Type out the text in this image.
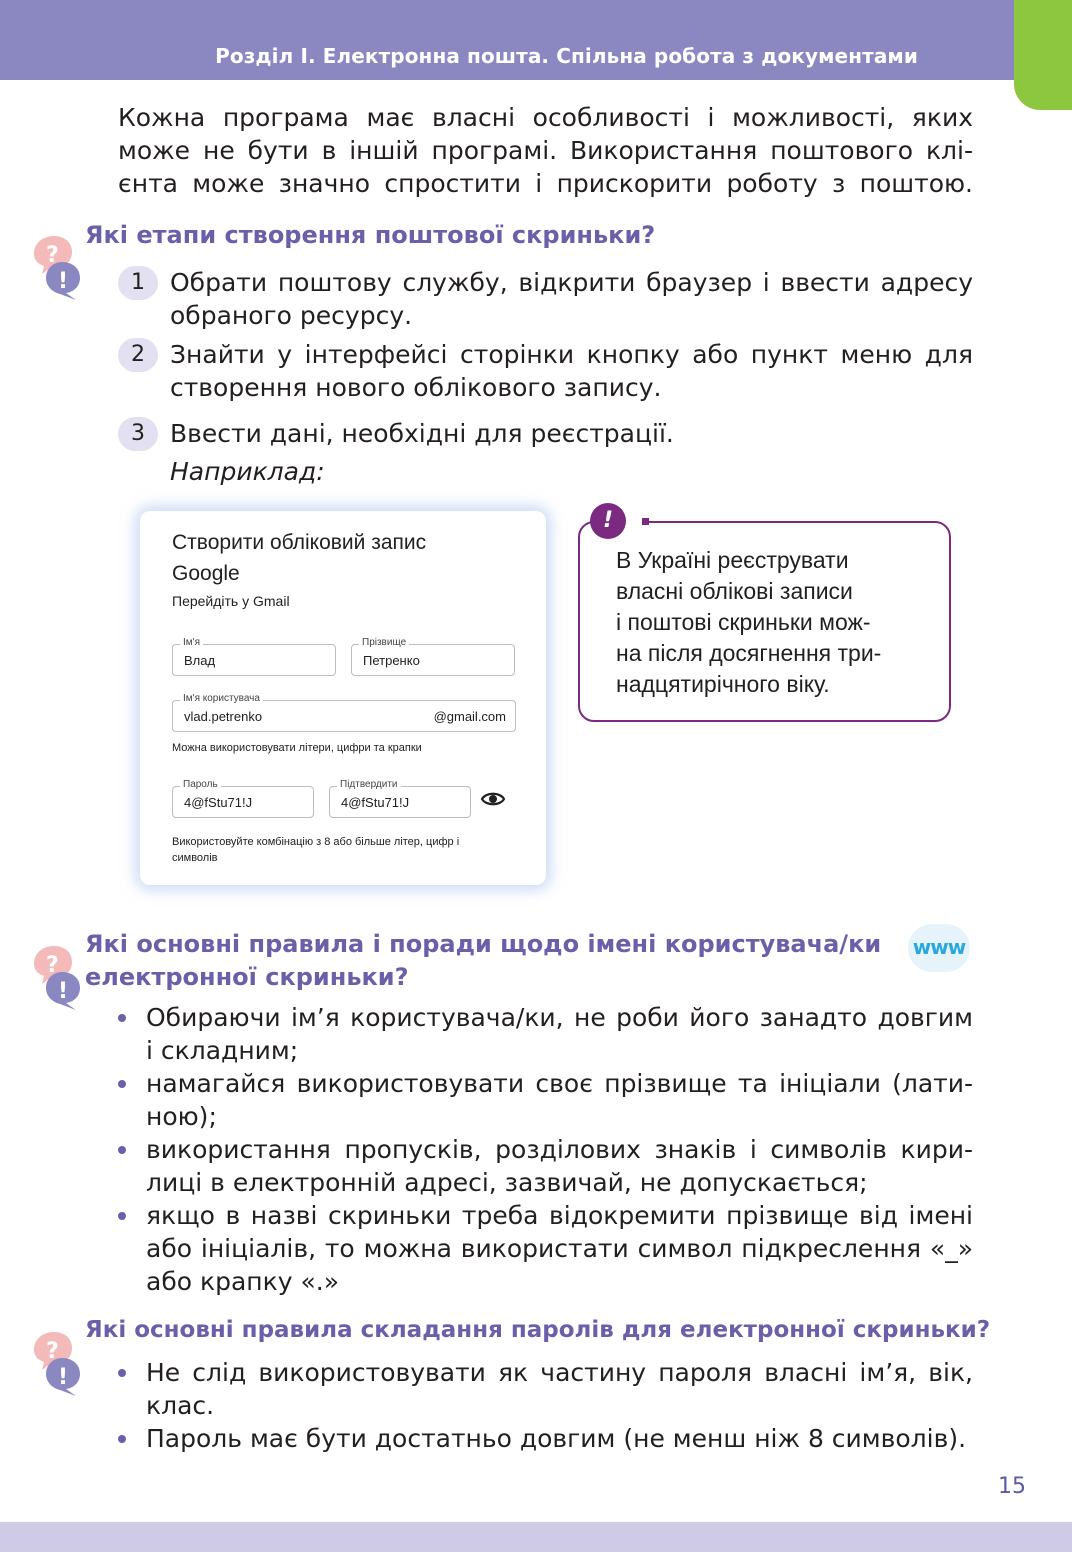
Розділ І. Електронна пошта. Спільна робота з документами
Кожна програма має власні особливості і можливості, яких
може не бути в іншій програмі. Використання поштового клі-
єнта може значно спростити і прискорити роботу з поштою.
?
!
Які етапи створення поштової скриньки?
1	Обрати поштову службу, відкрити браузер і ввести адресу
обраного ресурсу.
2	Знайти у інтерфейсі сторінки кнопку або пункт меню для
створення нового облікового запису.
3	Ввести дані, необхідні для реєстрації.
Наприклад:
Створити обліковий запис
Google
Перейдіть у Gmail
Ім'я
Влад
Прізвище
Петренко
Ім'я користувача
vlad.petrenko	@gmail.com
Можна використовувати літери, цифри та крапки
Пароль
4@fStu71!J
Підтвердити
4@fStu71!J
Використовуйте комбінацію з 8 або більше літер, цифр і
символів
В Україні реєструвати
власні облікові записи
і поштові скриньки мож-
на після досягнення три-
надцятирічного віку.
!
?
!
Які основні правила і поради щодо імені користувача/ки
електронної скриньки?
www
Обираючи ім’я користувача/ки, не роби його занадто довгим
і складним;
намагайся використовувати своє прізвище та ініціали (лати-
ною);
використання пропусків, розділових знаків і символів кири-
лиці в електронній адресі, зазвичай, не допускається;
якщо в назві скриньки треба відокремити прізвище від імені
або ініціалів, то можна використати символ підкреслення «_»
або крапку «.»
?
!
Які основні правила складання паролів для електронної скриньки?
Не слід використовувати як частину пароля власні ім’я, вік,
клас.
Пароль має бути достатньо довгим (не менш ніж 8 символів).
15
